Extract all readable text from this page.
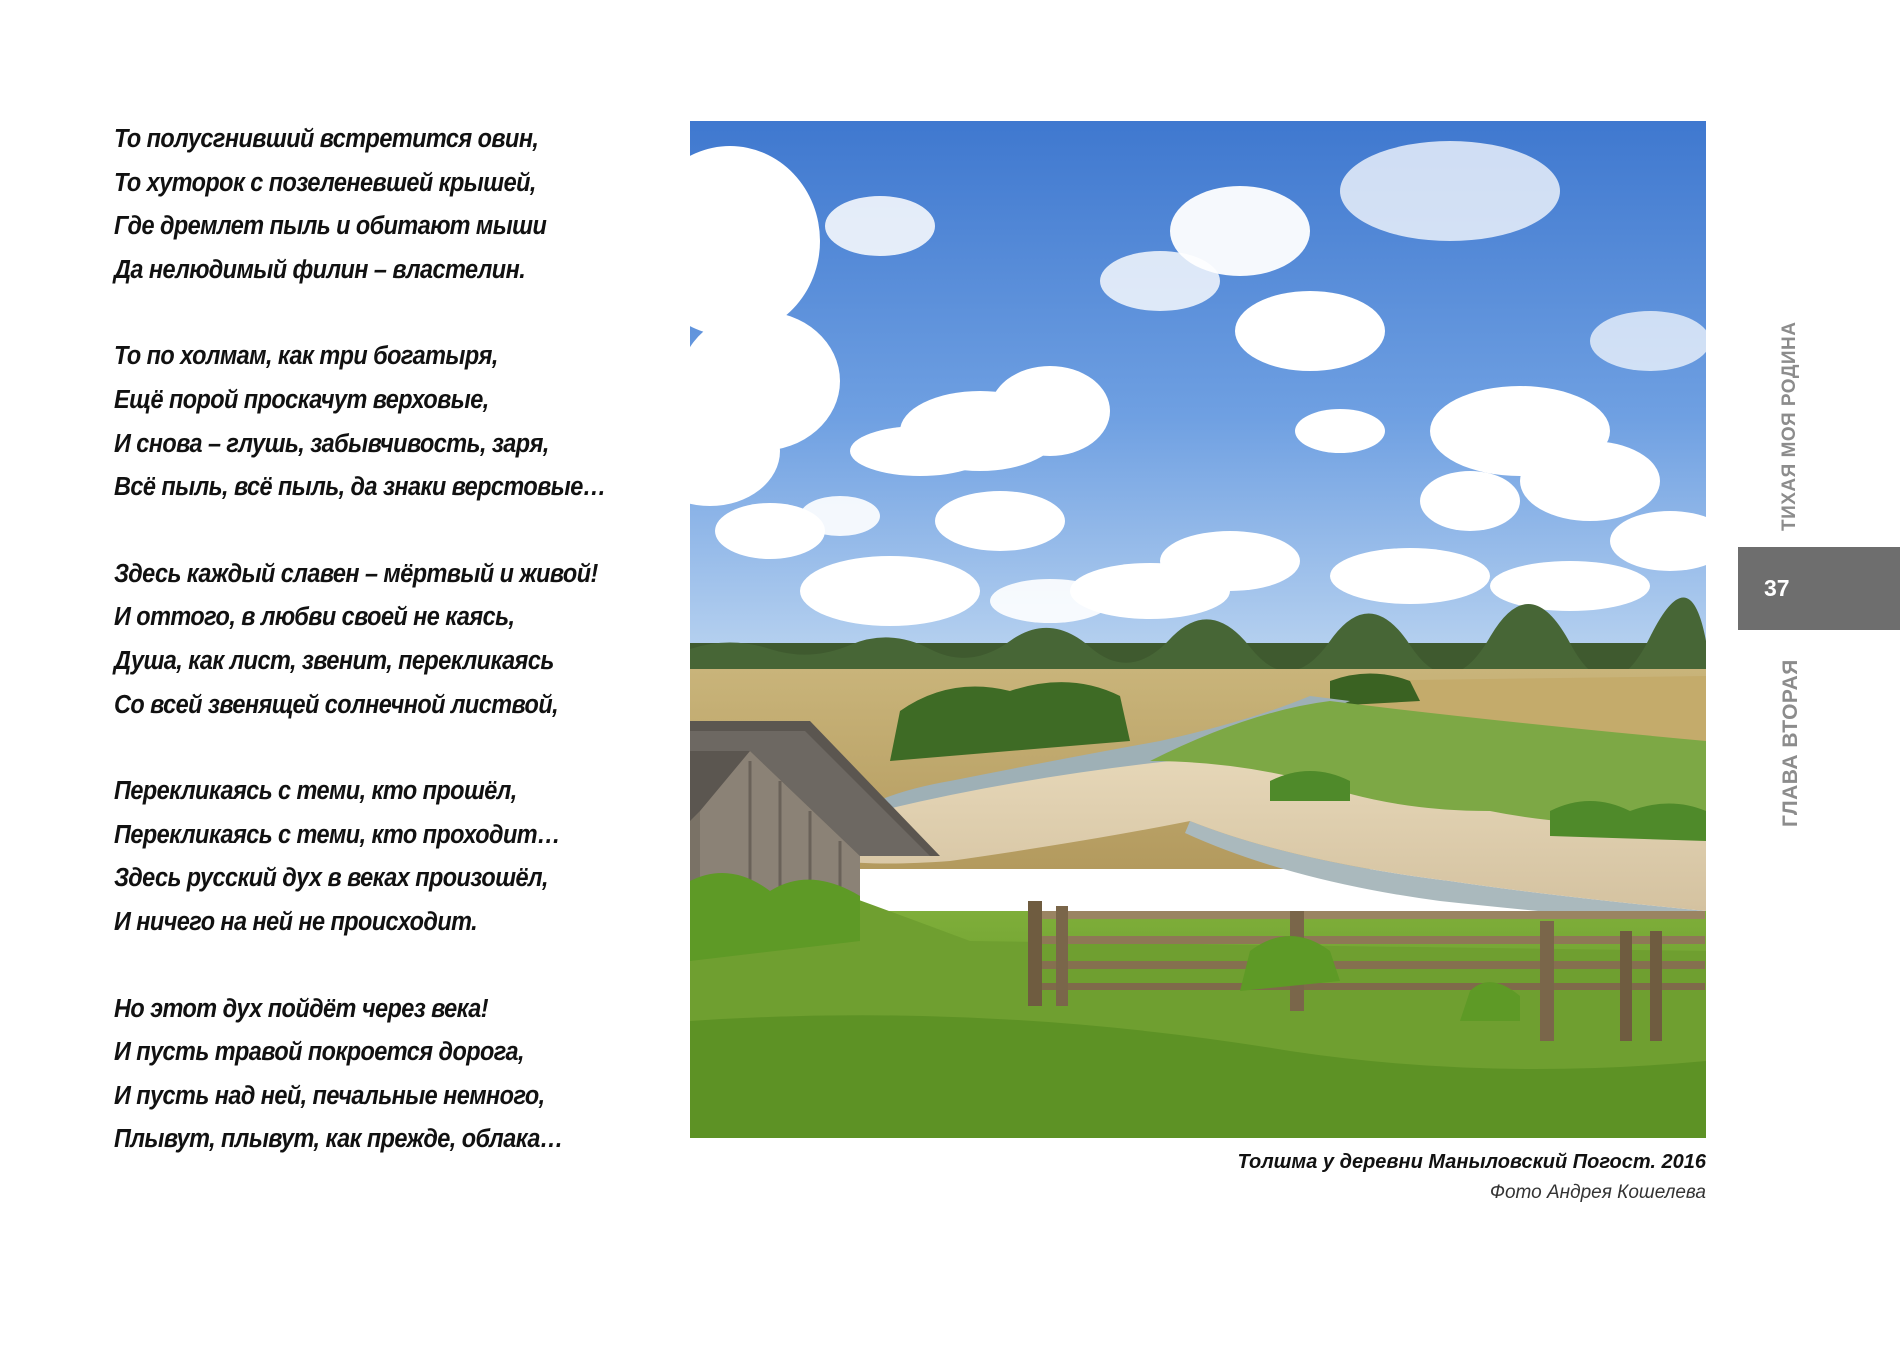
То полусгнивший встретится овин,
То хуторок с позеленевшей крышей,
Где дремлет пыль и обитают мыши
Да нелюдимый филин – властелин.
То по холмам, как три богатыря,
Ещё порой проскачут верховые,
И снова – глушь, забывчивость, заря,
Всё пыль, всё пыль, да знаки верстовые…
Здесь каждый славен – мёртвый и живой!
И оттого, в любви своей не каясь,
Душа, как лист, звенит, перекликаясь
Со всей звенящей солнечной листвой,
Перекликаясь с теми, кто прошёл,
Перекликаясь с теми, кто проходит…
Здесь русский дух в веках произошёл,
И ничего на ней не происходит.
Но этот дух пойдёт через века!
И пусть травой покроется дорога,
И пусть над ней, печальные немного,
Плывут, плывут, как прежде, облака…
Толшма у деревни Маныловский Погост. 2016
Фото Андрея Кошелева
ТИХАЯ МОЯ РОДИНА
37
ГЛАВА ВТОРАЯ
